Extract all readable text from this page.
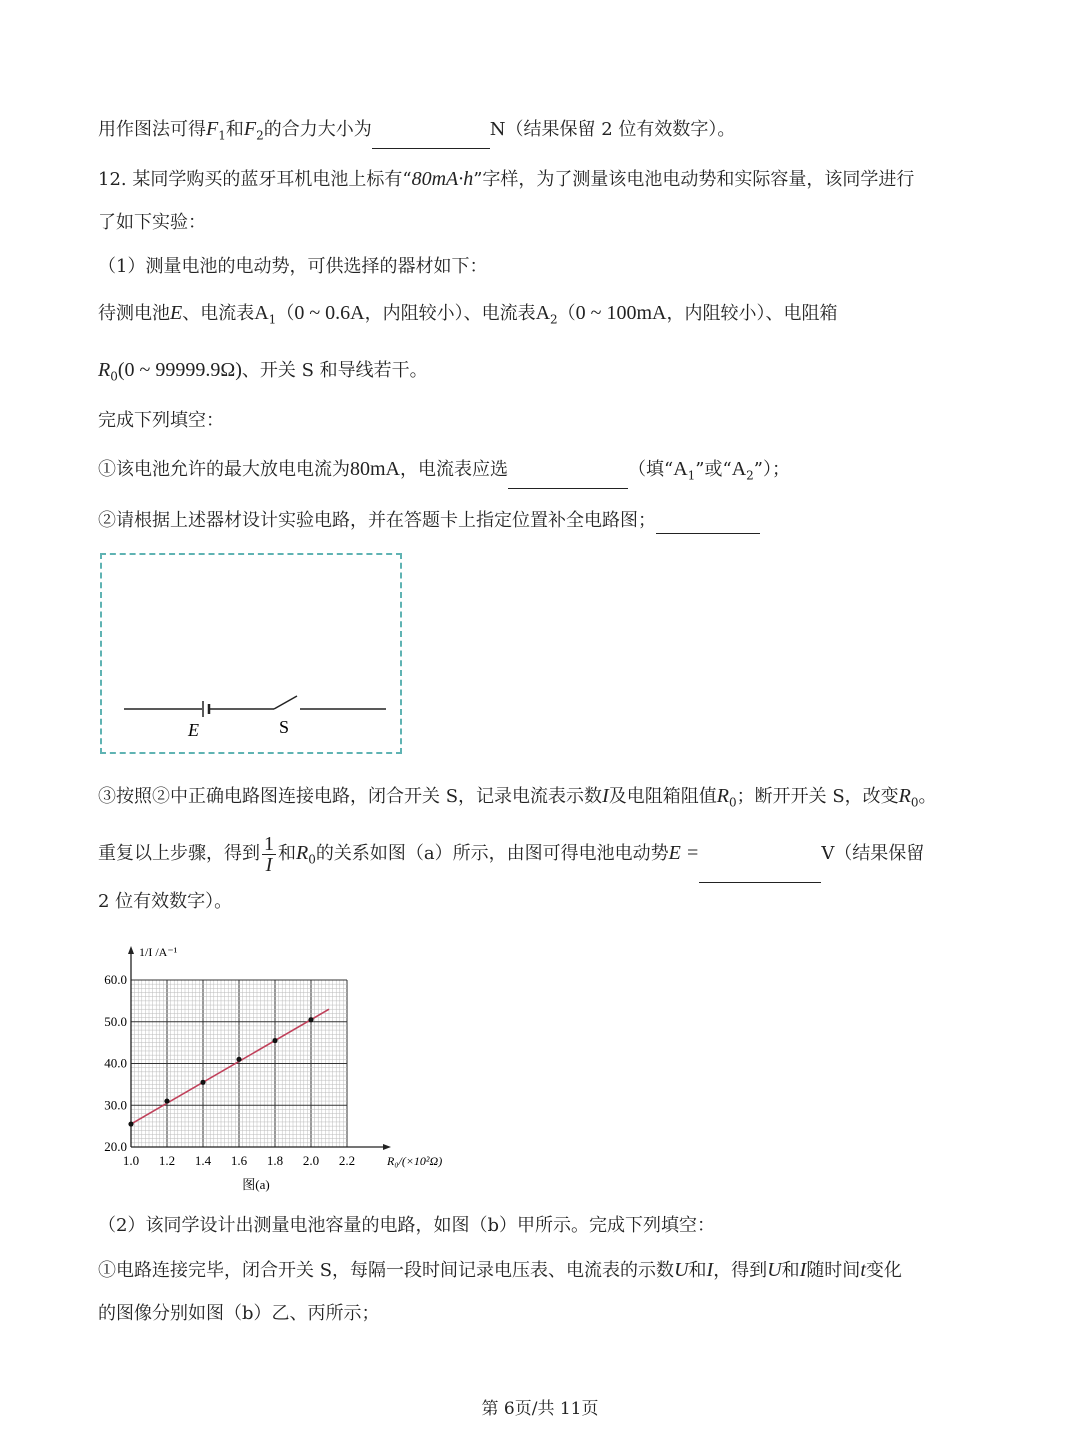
用作图法可得$F_1$和$F_2$的合力大小为	N（结果保留 2 位有效数字）。
12. 某同学购买的蓝牙耳机电池上标有“80mA·h”字样，为了测量该电池电动势和实际容量，该同学进行
了如下实验：
（1）测量电池的电动势，可供选择的器材如下：
待测电池E、电流表$A_1(0$ ~ 0.6A，内阻较小）、电流表$A_2(0$ ~ 100mA，内阻较小）、电阻箱
$R_0(0$ ~ 99999.9Ω)、开关 S 和导线若干。
完成下列填空：
①该电池允许的最大放电电流为80mA，电流表应选	（填“$A_1$”或“$A_2$”）；
②请根据上述器材设计实验电路，并在答题卡上指定位置补全电路图；
E	S
③按照②中正确电路图连接电路，闭合开关 S，记录电流表示数I及电阻箱阻值$R_0$；断开开关 S，改变$R_0$。
重复以上步骤，得到 $\frac{1}{I}$ 和$R_0$的关系如图（a）所示，由图可得电池电动势E =	V（结果保留
2 位有效数字）。
1.0 1.2 1.4 1.6 1.8 2.0 2.2
20.0
30.0
40.0
50.0
60.0
1/I /A⁻¹
R₀/(×10²Ω)
图(a)
（2）该同学设计出测量电池容量的电路，如图（b）甲所示。完成下列填空：
①电路连接完毕，闭合开关 S，每隔一段时间记录电压表、电流表的示数U和I，得到U和I随时间t变化
的图像分别如图（b）乙、丙所示；
第 6页/共 11页
